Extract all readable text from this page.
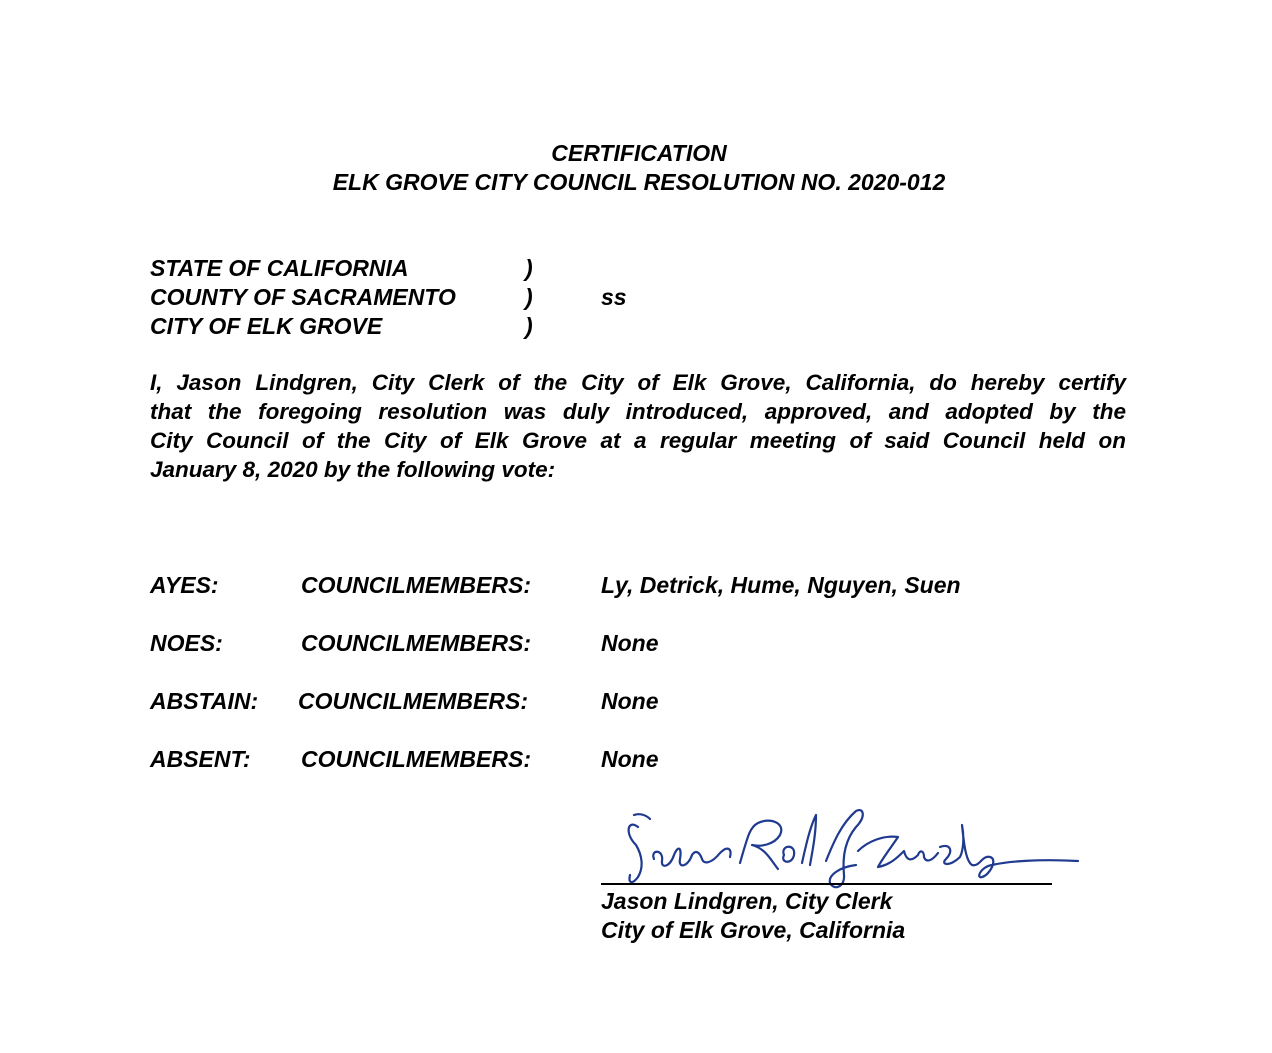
CERTIFICATION
ELK GROVE CITY COUNCIL RESOLUTION NO. 2020-012
STATE OF CALIFORNIA	)
COUNTY OF SACRAMENTO	)	ss
CITY OF ELK GROVE	)
I, Jason Lindgren, City Clerk of the City of Elk Grove, California, do hereby certify
that the foregoing resolution was duly introduced, approved, and adopted by the
City Council of the City of Elk Grove at a regular meeting of said Council held on
January 8, 2020 by the following vote:
AYES:	COUNCILMEMBERS:	Ly, Detrick, Hume, Nguyen, Suen
NOES:	COUNCILMEMBERS:	None
ABSTAIN: COUNCILMEMBERS:	None
ABSENT: COUNCILMEMBERS:	None
Jason Lindgren, City Clerk
City of Elk Grove, California
